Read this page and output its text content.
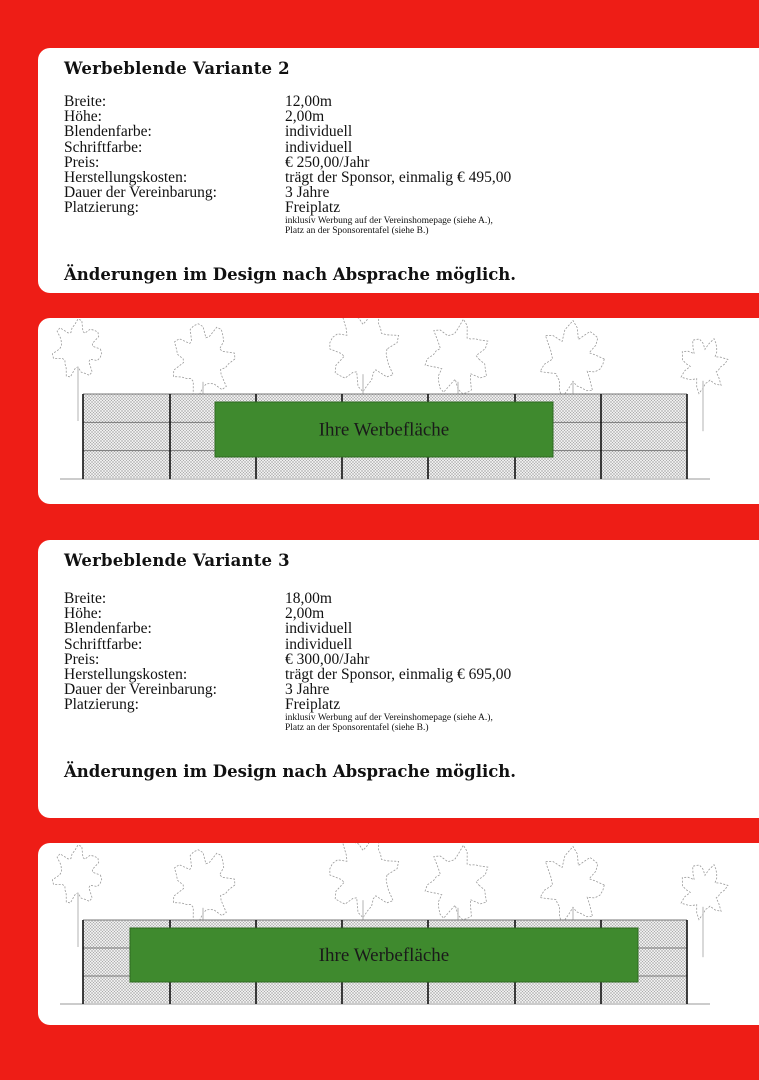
Werbeblende Variante 2
Breite:	12,00m
Höhe:	2,00m
Blendenfarbe:	individuell
Schriftfarbe:	individuell
Preis:	€ 250,00/Jahr
Herstellungskosten:	trägt der Sponsor, einmalig € 495,00
Dauer der Vereinbarung:	3 Jahre
Platzierung:	Freiplatz
inklusiv Werbung auf der Vereinshomepage (siehe A.),
Platz an der Sponsorentafel (siehe B.)
Änderungen im Design nach Absprache möglich.
Ihre Werbefläche
Werbeblende Variante 3
Breite:	18,00m
Höhe:	2,00m
Blendenfarbe:	individuell
Schriftfarbe:	individuell
Preis:	€ 300,00/Jahr
Herstellungskosten:	trägt der Sponsor, einmalig € 695,00
Dauer der Vereinbarung:	3 Jahre
Platzierung:	Freiplatz
inklusiv Werbung auf der Vereinshomepage (siehe A.),
Platz an der Sponsorentafel (siehe B.)
Änderungen im Design nach Absprache möglich.
Ihre Werbefläche
